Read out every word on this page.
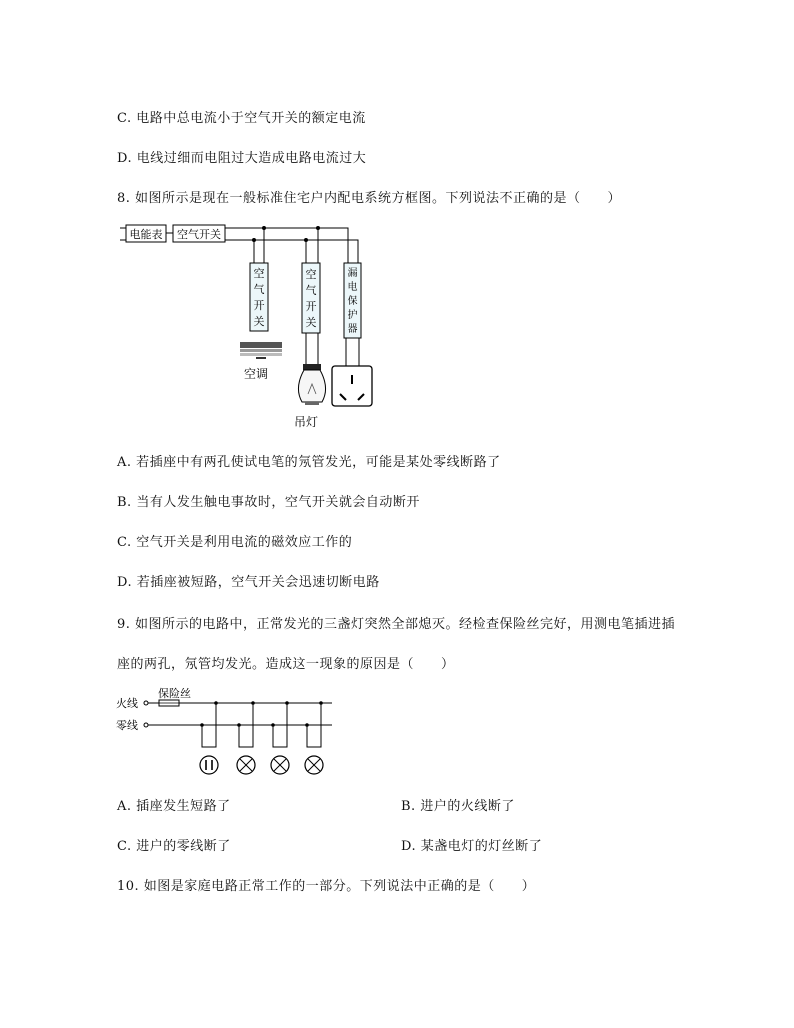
C. 电路中总电流小于空气开关的额定电流
D. 电线过细而电阻过大造成电路电流过大
8. 如图所示是现在一般标准住宅户内配电系统方框图。下列说法不正确的是（　　）
电能表 空气开关
空
气
开
关
空
气
开
关
漏
电
保
护
器
空调
吊灯
A. 若插座中有两孔使试电笔的氖管发光，可能是某处零线断路了
B. 当有人发生触电事故时，空气开关就会自动断开
C. 空气开关是利用电流的磁效应工作的
D. 若插座被短路，空气开关会迅速切断电路
9. 如图所示的电路中，正常发光的三盏灯突然全部熄灭。经检查保险丝完好，用测电笔插进插
座的两孔，氖管均发光。造成这一现象的原因是（　　）
火线
零线
保险丝
A. 插座发生短路了	B. 进户的火线断了
C. 进户的零线断了	D. 某盏电灯的灯丝断了
10. 如图是家庭电路正常工作的一部分。下列说法中正确的是（　　）
